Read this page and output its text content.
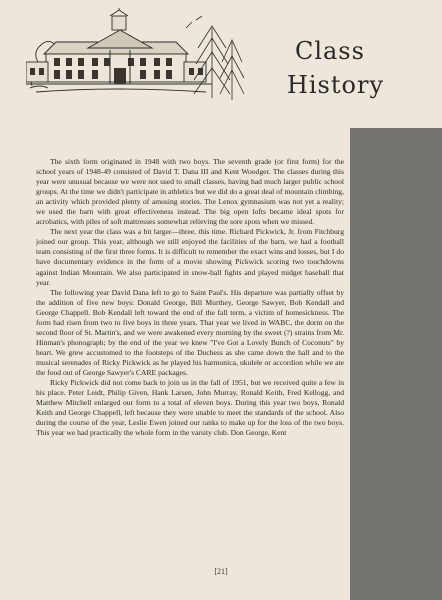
Class
History

The sixth form originated in 1948 with two boys. The seventh grade (or first form) for the school years of 1948-49 consisted of David T. Dana III and Kent Woodger. The classes during this year were unusual because we were not used to small classes, having had much larger public school groups. At the time we didn't participate in athletics but we did do a great deal of mountain climbing, an activity which provided plenty of amusing stories. The Lenox gymnasium was not yet a reality; we used the barn with great effectiveness instead. The big open lofts became ideal spots for acrobatics, with piles of soft mattresses somewhat relieving the sore spots when we missed.

The next year the class was a bit larger—three, this time. Richard Pickwick, Jr. from Fitchburg joined our group. This year, although we still enjoyed the facilities of the barn, we had a football team consisting of the first three forms. It is difficult to remember the exact wins and losses, but I do have documentary evidence in the form of a movie showing Pickwick scoring two touchdowns against Indian Mountain. We also participated in snow-ball fights and played midget baseball that year.

The following year David Dana left to go to Saint Paul's. His departure was partially offset by the addition of five new boys: Donald George, Bill Murthey, George Sawyer, Bob Kendall and George Chappell. Bob Kendall left toward the end of the fall term, a victim of homesickness. The form had risen from two to five boys in three years. That year we lived in WABC, the dorm on the second floor of St. Martin's, and we were awakened every morning by the sweet (?) strains from Mr. Hinman's phonograph; by the end of the year we knew "I've Got a Lovely Bunch of Coconuts" by heart. We grew accustomed to the footsteps of the Duchess as she came down the hall and to the musical serenades of Ricky Pickwick as he played his harmonica, ukulele or accordion while we ate the food out of George Sawyer's CARE packages.

Ricky Pickwick did not come back to join us in the fall of 1951, but we received quite a few in his place. Peter Leidt, Philip Given, Hank Larsen, John Murray, Ronald Keith, Fred Kellogg, and Matthew Mitchell enlarged our form to a total of eleven boys. During this year two boys, Ronald Keith and George Chappell, left because they were unable to meet the standards of the school. Also during the course of the year, Leslie Ewen joined our ranks to make up for the loss of the two boys. This year we had practically the whole form in the varsity club. Don George, Kent

[21]
